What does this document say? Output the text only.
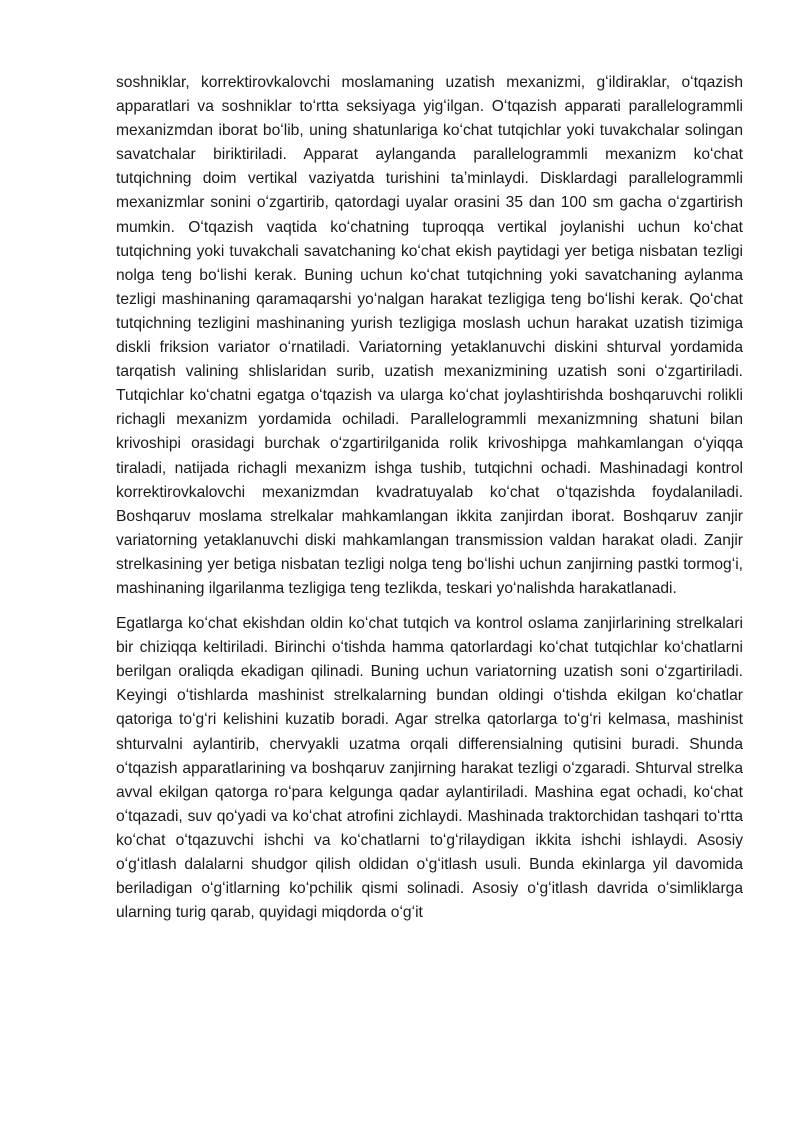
soshniklar, korrektirovkalovchi moslamaning uzatish mexanizmi, gʻildiraklar, oʻtqazish apparatlari va soshniklar toʻrtta seksiyaga yigʻilgan. Oʻtqazish apparati parallelogrammli mexanizmdan iborat boʻlib, uning shatunlariga koʻchat tutqichlar yoki tuvakchalar solingan savatchalar biriktiriladi. Apparat aylanganda parallelogrammli mexanizm koʻchat tutqichning doim vertikal vaziyatda turishini taʼminlaydi. Disklardagi parallelogrammli mexanizmlar sonini oʻzgartirib, qatordagi uyalar orasini 35 dan 100 sm gacha oʻzgartirish mumkin. Oʻtqazish vaqtida koʻchatning tuproqqa vertikal joylanishi uchun koʻchat tutqichning yoki tuvakchali savatchaning koʻchat ekish paytidagi yer betiga nisbatan tezligi nolga teng boʻlishi kerak. Buning uchun koʻchat tutqichning yoki savatchaning aylanma tezligi mashinaning qaramaqarshi yoʻnalgan harakat tezligiga teng boʻlishi kerak. Qoʻchat tutqichning tezligini mashinaning yurish tezligiga moslash uchun harakat uzatish tizimiga diskli friksion variator oʻrnatiladi. Variatorning yetaklanuvchi diskini shturval yordamida tarqatish valining shlislaridan surib, uzatish mexanizmining uzatish soni oʻzgartiriladi. Tutqichlar koʻchatni egatga oʻtqazish va ularga koʻchat joylashtirishda boshqaruvchi rolikli richagli mexanizm yordamida ochiladi. Parallelogrammli mexanizmning shatuni bilan krivoshipi orasidagi burchak oʻzgartirilganida rolik krivoshipga mahkamlangan oʻyiqqa tiraladi, natijada richagli mexanizm ishga tushib, tutqichni ochadi. Mashinadagi kontrol korrektirovkalovchi mexanizmdan kvadratuyalab koʻchat oʻtqazishda foydalaniladi. Boshqaruv moslama strelkalar mahkamlangan ikkita zanjirdan iborat. Boshqaruv zanjir variatorning yetaklanuvchi diski mahkamlangan transmission valdan harakat oladi. Zanjir strelkasining yer betiga nisbatan tezligi nolga teng boʻlishi uchun zanjirning pastki tormogʻi, mashinaning ilgarilanma tezligiga teng tezlikda, teskari yoʻnalishda harakatlanadi.

Egatlarga koʻchat ekishdan oldin koʻchat tutqich va kontrol oslama zanjirlarining strelkalari bir chiziqqa keltiriladi. Birinchi oʻtishda hamma qatorlardagi koʻchat tutqichlar koʻchatlarni berilgan oraliqda ekadigan qilinadi. Buning uchun variatorning uzatish soni oʻzgartiriladi. Keyingi oʻtishlarda mashinist strelkalarning bundan oldingi oʻtishda ekilgan koʻchatlar qatoriga toʻgʻri kelishini kuzatib boradi. Agar strelka qatorlarga toʻgʻri kelmasa, mashinist shturvalni aylantirib, chervyakli uzatma orqali differensialning qutisini buradi. Shunda oʻtqazish apparatlarining va boshqaruv zanjirning harakat tezligi oʻzgaradi. Shturval strelka avval ekilgan qatorga roʻpara kelgunga qadar aylantiriladi. Mashina egat ochadi, koʻchat oʻtqazadi, suv qoʻyadi va koʻchat atrofini zichlaydi. Mashinada traktorchidan tashqari toʻrtta koʻchat oʻtqazuvchi ishchi va koʻchatlarni toʻgʻrilaydigan ikkita ishchi ishlaydi. Asosiy oʻgʻitlash dalalarni shudgor qilish oldidan oʻgʻitlash usuli. Bunda ekinlarga yil davomida beriladigan oʻgʻitlarning koʻpchilik qismi solinadi. Asosiy oʻgʻitlash davrida oʻsimliklarga ularning turig qarab, quyidagi miqdorda oʻgʻit
